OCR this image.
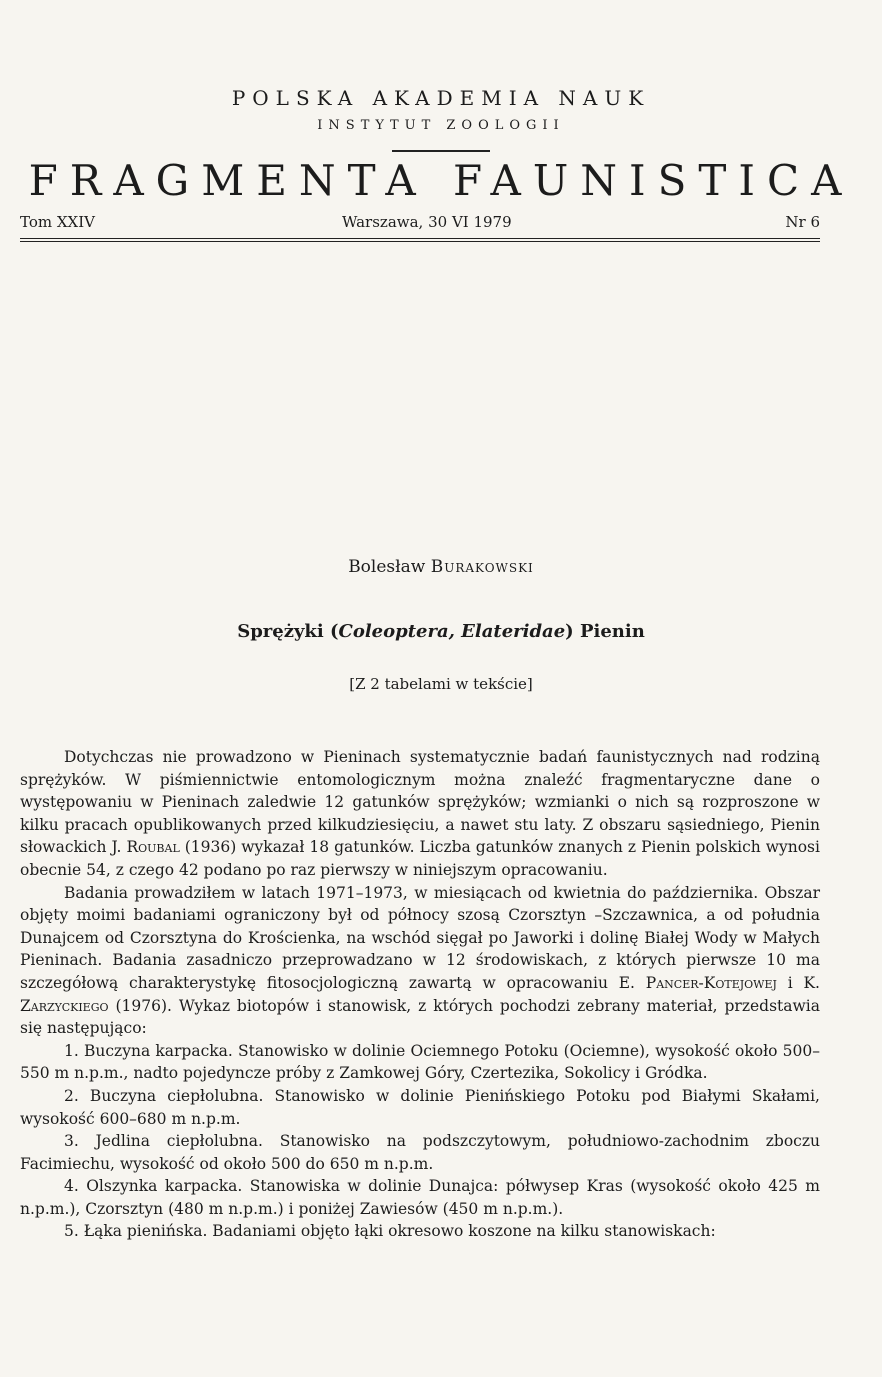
POLSKA AKADEMIA NAUK
INSTYTUT ZOOLOGII
FRAGMENTA FAUNISTICA
Tom XXIV	Warszawa, 30 VI 1979	Nr 6
Bolesław Burakowski
Sprężyki (Coleoptera, Elateridae) Pienin
[Z 2 tabelami w tekście]

Dotychczas nie prowadzono w Pieninach systematycznie badań faunistycznych nad rodziną sprężyków. W piśmiennictwie entomologicznym można znaleźć fragmentaryczne dane o występowaniu w Pieninach zaledwie 12 gatunków sprężyków; wzmianki o nich są rozproszone w kilku pracach opublikowanych przed kilkudziesięciu, a nawet stu laty. Z obszaru sąsiedniego, Pienin słowackich J. Roubal (1936) wykazał 18 gatunków. Liczba gatunków znanych z Pienin polskich wynosi obecnie 54, z czego 42 podano po raz pierwszy w niniejszym opracowaniu.

Badania prowadziłem w latach 1971–1973, w miesiącach od kwietnia do października. Obszar objęty moimi badaniami ograniczony był od północy szosą Czorsztyn –Szczawnica, a od południa Dunajcem od Czorsztyna do Krościenka, na wschód sięgał po Jaworki i dolinę Białej Wody w Małych Pieninach. Badania zasadniczo przeprowadzano w 12 środowiskach, z których pierwsze 10 ma szczegółową charakterystykę fitosocjologiczną zawartą w opracowaniu E. Pancer-Kotejowej i K. Zarzyckiego (1976). Wykaz biotopów i stanowisk, z których pochodzi zebrany materiał, przedstawia się następująco:

1. Buczyna karpacka. Stanowisko w dolinie Ociemnego Potoku (Ociemne), wysokość około 500–550 m n.p.m., nadto pojedyncze próby z Zamkowej Góry, Czertezika, Sokolicy i Gródka.

2. Buczyna ciepłolubna. Stanowisko w dolinie Pienińskiego Potoku pod Białymi Skałami, wysokość 600–680 m n.p.m.

3. Jedlina ciepłolubna. Stanowisko na podszczytowym, południowo-zachodnim zboczu Facimiechu, wysokość od około 500 do 650 m n.p.m.

4. Olszynka karpacka. Stanowiska w dolinie Dunajca: półwysep Kras (wysokość około 425 m n.p.m.), Czorsztyn (480 m n.p.m.) i poniżej Zawiesów (450 m n.p.m.).

5. Łąka pienińska. Badaniami objęto łąki okresowo koszone na kilku stanowiskach:
